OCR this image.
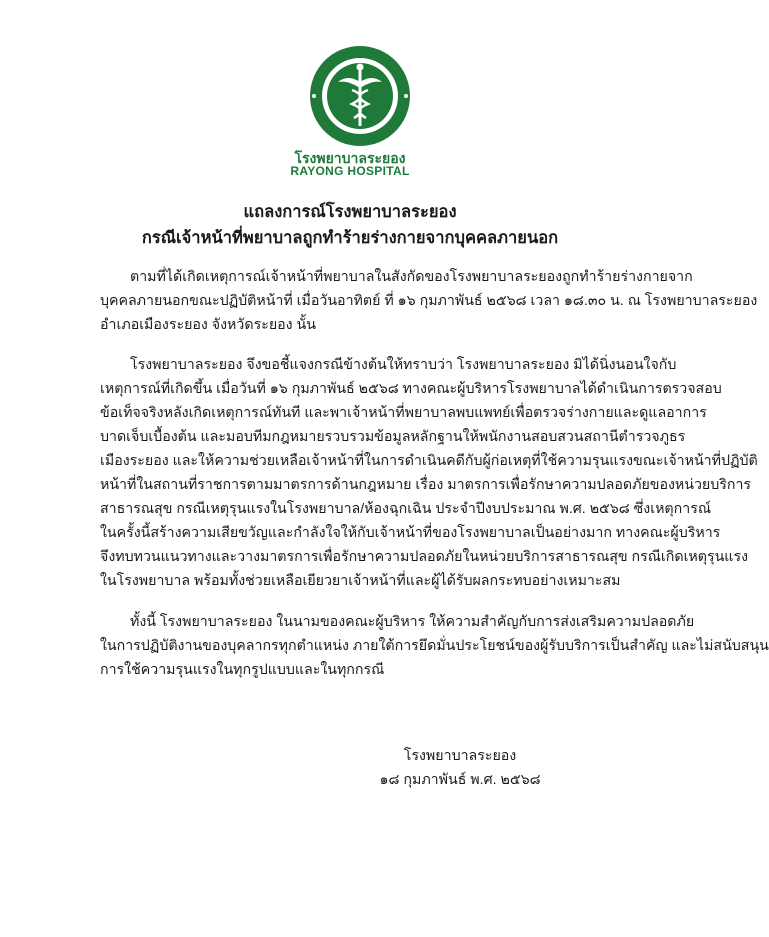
โรงพยาบาลระยอง
RAYONG HOSPITAL
แถลงการณ์โรงพยาบาลระยอง
กรณีเจ้าหน้าที่พยาบาลถูกทำร้ายร่างกายจากบุคคลภายนอก
ตามที่ได้เกิดเหตุการณ์เจ้าหน้าที่พยาบาลในสังกัดของโรงพยาบาลระยองถูกทำร้ายร่างกายจาก
บุคคลภายนอกขณะปฏิบัติหน้าที่ เมื่อวันอาทิตย์ ที่ ๑๖ กุมภาพันธ์ ๒๕๖๘ เวลา ๑๘.๓๐ น. ณ โรงพยาบาลระยอง
อำเภอเมืองระยอง จังหวัดระยอง นั้น
โรงพยาบาลระยอง จึงขอชี้แจงกรณีข้างต้นให้ทราบว่า โรงพยาบาลระยอง มิได้นิ่งนอนใจกับ
เหตุการณ์ที่เกิดขึ้น เมื่อวันที่ ๑๖ กุมภาพันธ์ ๒๕๖๘ ทางคณะผู้บริหารโรงพยาบาลได้ดำเนินการตรวจสอบ
ข้อเท็จจริงหลังเกิดเหตุการณ์ทันที และพาเจ้าหน้าที่พยาบาลพบแพทย์เพื่อตรวจร่างกายและดูแลอาการ
บาดเจ็บเบื้องต้น และมอบทีมกฎหมายรวบรวมข้อมูลหลักฐานให้พนักงานสอบสวนสถานีตำรวจภูธร
เมืองระยอง และให้ความช่วยเหลือเจ้าหน้าที่ในการดำเนินคดีกับผู้ก่อเหตุที่ใช้ความรุนแรงขณะเจ้าหน้าที่ปฏิบัติ
หน้าที่ในสถานที่ราชการตามมาตรการด้านกฎหมาย เรื่อง มาตรการเพื่อรักษาความปลอดภัยของหน่วยบริการ
สาธารณสุข กรณีเหตุรุนแรงในโรงพยาบาล/ห้องฉุกเฉิน ประจำปีงบประมาณ พ.ศ. ๒๕๖๘ ซึ่งเหตุการณ์
ในครั้งนี้สร้างความเสียขวัญและกำลังใจให้กับเจ้าหน้าที่ของโรงพยาบาลเป็นอย่างมาก ทางคณะผู้บริหาร
จึงทบทวนแนวทางและวางมาตรการเพื่อรักษาความปลอดภัยในหน่วยบริการสาธารณสุข กรณีเกิดเหตุรุนแรง
ในโรงพยาบาล พร้อมทั้งช่วยเหลือเยียวยาเจ้าหน้าที่และผู้ได้รับผลกระทบอย่างเหมาะสม
ทั้งนี้ โรงพยาบาลระยอง ในนามของคณะผู้บริหาร ให้ความสำคัญกับการส่งเสริมความปลอดภัย
ในการปฏิบัติงานของบุคลากรทุกตำแหน่ง ภายใต้การยึดมั่นประโยชน์ของผู้รับบริการเป็นสำคัญ และไม่สนับสนุน
การใช้ความรุนแรงในทุกรูปแบบและในทุกกรณี
โรงพยาบาลระยอง
๑๘ กุมภาพันธ์ พ.ศ. ๒๕๖๘
